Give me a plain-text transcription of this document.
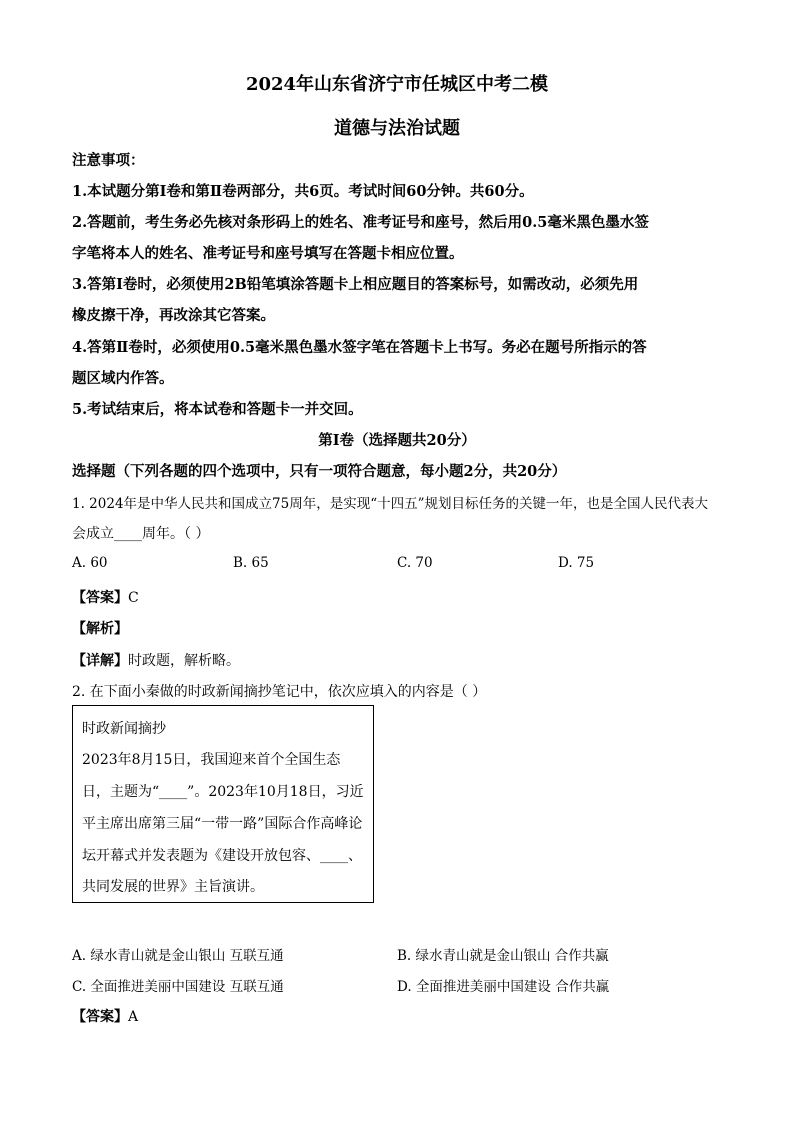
2024年山东省济宁市任城区中考二模
道德与法治试题
注意事项：
1.本试题分第Ⅰ卷和第Ⅱ卷两部分，共6页。考试时间60分钟。共60分。
2.答题前，考生务必先核对条形码上的姓名、准考证号和座号，然后用0.5毫米黑色墨水签
字笔将本人的姓名、准考证号和座号填写在答题卡相应位置。
3.答第Ⅰ卷时，必须使用2B铅笔填涂答题卡上相应题目的答案标号，如需改动，必须先用
橡皮擦干净，再改涂其它答案。
4.答第Ⅱ卷时，必须使用0.5毫米黑色墨水签字笔在答题卡上书写。务必在题号所指示的答
题区域内作答。
5.考试结束后，将本试卷和答题卡一并交回。
第Ⅰ卷（选择题共20分）
选择题（下列各题的四个选项中，只有一项符合题意，每小题2分，共20分）
1. 2024年是中华人民共和国成立75周年，是实现“十四五”规划目标任务的关键一年，也是全国人民代表大
会成立____周年。（ ）
A. 60	B. 65	C. 70	D. 75
【答案】C
【解析】
【详解】时政题，解析略。
2. 在下面小秦做的时政新闻摘抄笔记中，依次应填入的内容是（ ）
时政新闻摘抄
2023年8月15日，我国迎来首个全国生态
日，主题为“____”。2023年10月18日，习近
平主席出席第三届“一带一路”国际合作高峰论
坛开幕式并发表题为《建设开放包容、____、
共同发展的世界》主旨演讲。
A. 绿水青山就是金山银山 互联互通	B. 绿水青山就是金山银山 合作共赢
C. 全面推进美丽中国建设 互联互通	D. 全面推进美丽中国建设 合作共赢
【答案】A
